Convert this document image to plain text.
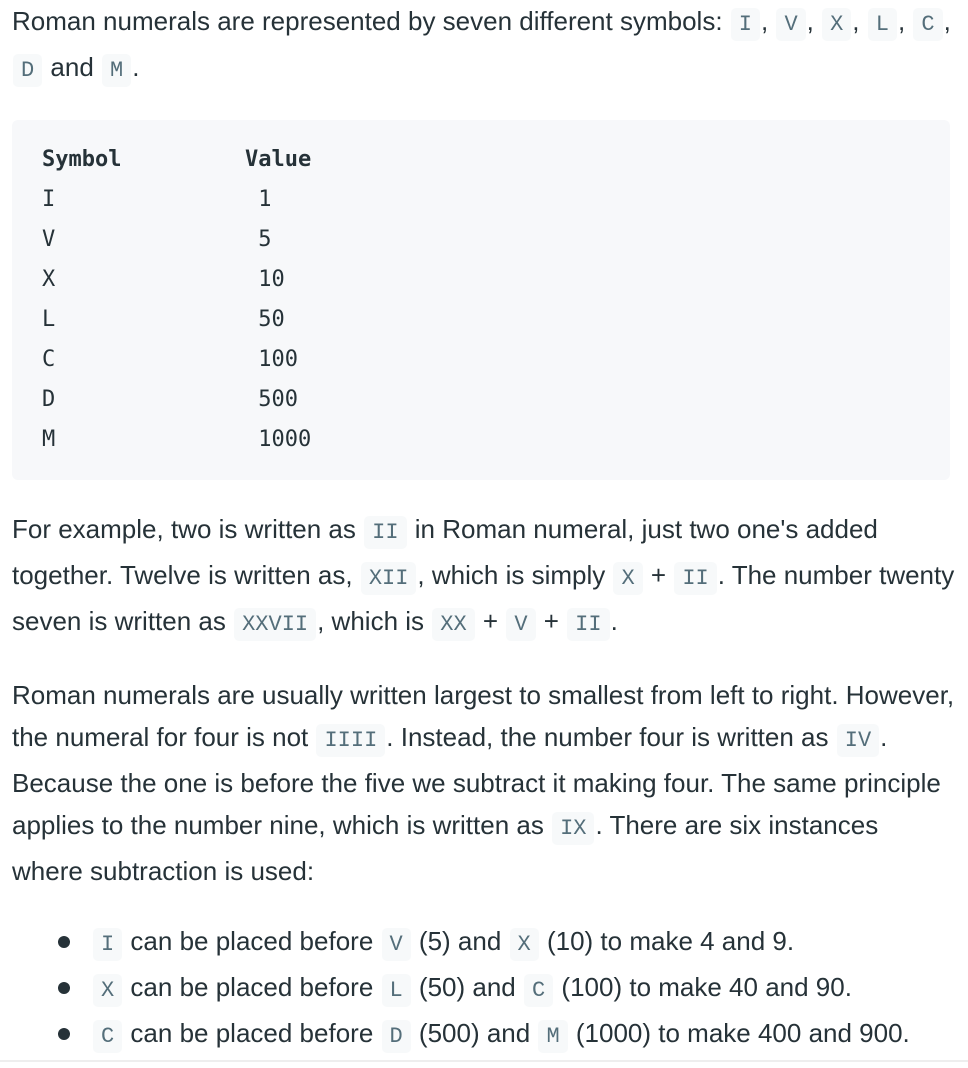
Roman numerals are represented by seven different symbols: I , V , X , L , C , D and M .

Symbol	Value
I	1
V	5
X	10
L	50
C	100
D	500
M	1000

For example, two is written as II in Roman numeral, just two one's added together. Twelve is written as, XII , which is simply X + II . The number twenty seven is written as XXVII , which is XX + V + II .

Roman numerals are usually written largest to smallest from left to right. However, the numeral for four is not IIII . Instead, the number four is written as IV . Because the one is before the five we subtract it making four. The same principle applies to the number nine, which is written as IX . There are six instances where subtraction is used:

I can be placed before V (5) and X (10) to make 4 and 9.
X can be placed before L (50) and C (100) to make 40 and 90.
C can be placed before D (500) and M (1000) to make 400 and 900.
